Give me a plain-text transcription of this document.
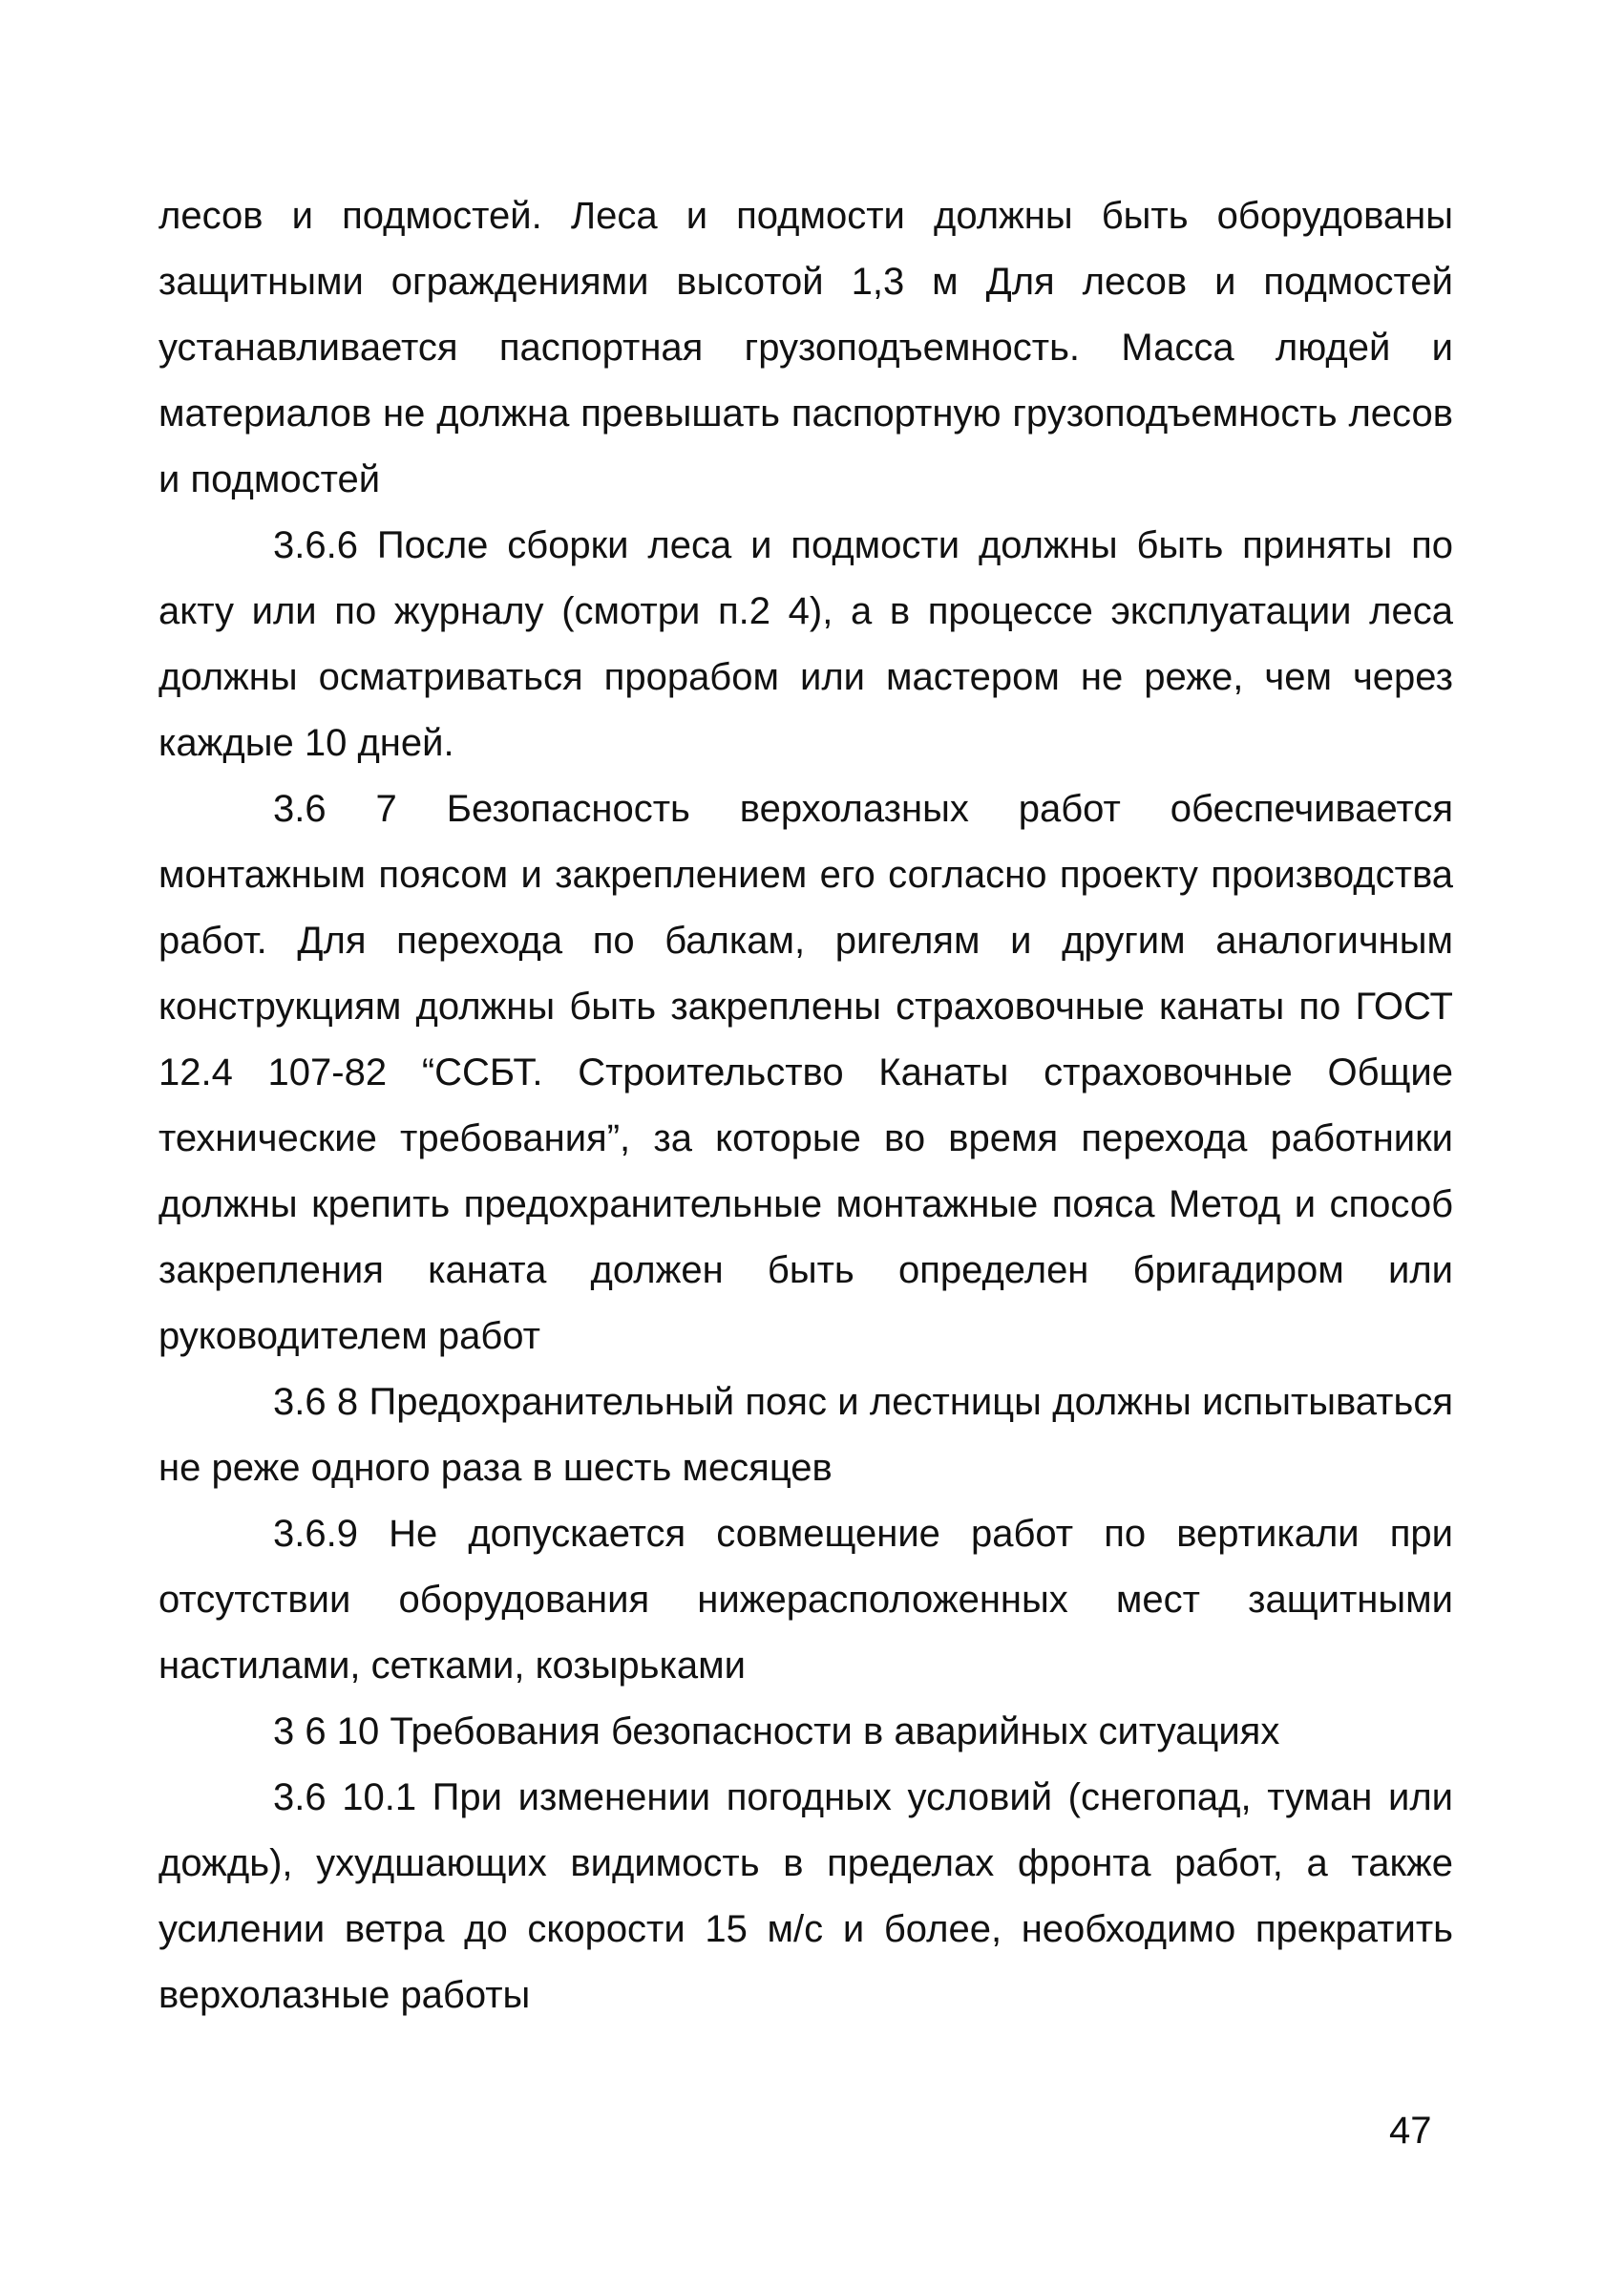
лесов и подмостей. Леса и подмости должны быть оборудованы защитными ограждениями высотой 1,3 м Для лесов и подмостей устанавливается паспортная грузоподъемность. Масса людей и материалов не должна превышать паспортную грузоподъемность лесов и подмостей

3.6.6 После сборки леса и подмости должны быть приняты по акту или по журналу (смотри п.2 4), а в процессе эксплуатации леса должны осматриваться прорабом или мастером не реже, чем через каждые 10 дней.

3.6 7 Безопасность верхолазных работ обеспечивается монтажным поясом и закреплением его согласно проекту производства работ. Для перехода по балкам, ригелям и другим аналогичным конструкциям должны быть закреплены страховочные канаты по ГОСТ 12.4 107-82 “ССБТ. Строительство Канаты страховочные Общие технические требования”, за которые во время перехода работники должны крепить предохранительные монтажные пояса Метод и способ закрепления каната должен быть определен бригадиром или руководителем работ

3.6 8 Предохранительный пояс и лестницы должны испытываться не реже одного раза в шесть месяцев

3.6.9 Не допускается совмещение работ по вертикали при отсутствии оборудования нижерасположенных мест защитными настилами, сетками, козырьками

3 6 10 Требования безопасности в аварийных ситуациях

3.6 10.1 При изменении погодных условий (снегопад, туман или дождь), ухудшающих видимость в пределах фронта работ, а также усилении ветра до скорости 15 м/с и более, необходимо прекратить верхолазные работы

47
